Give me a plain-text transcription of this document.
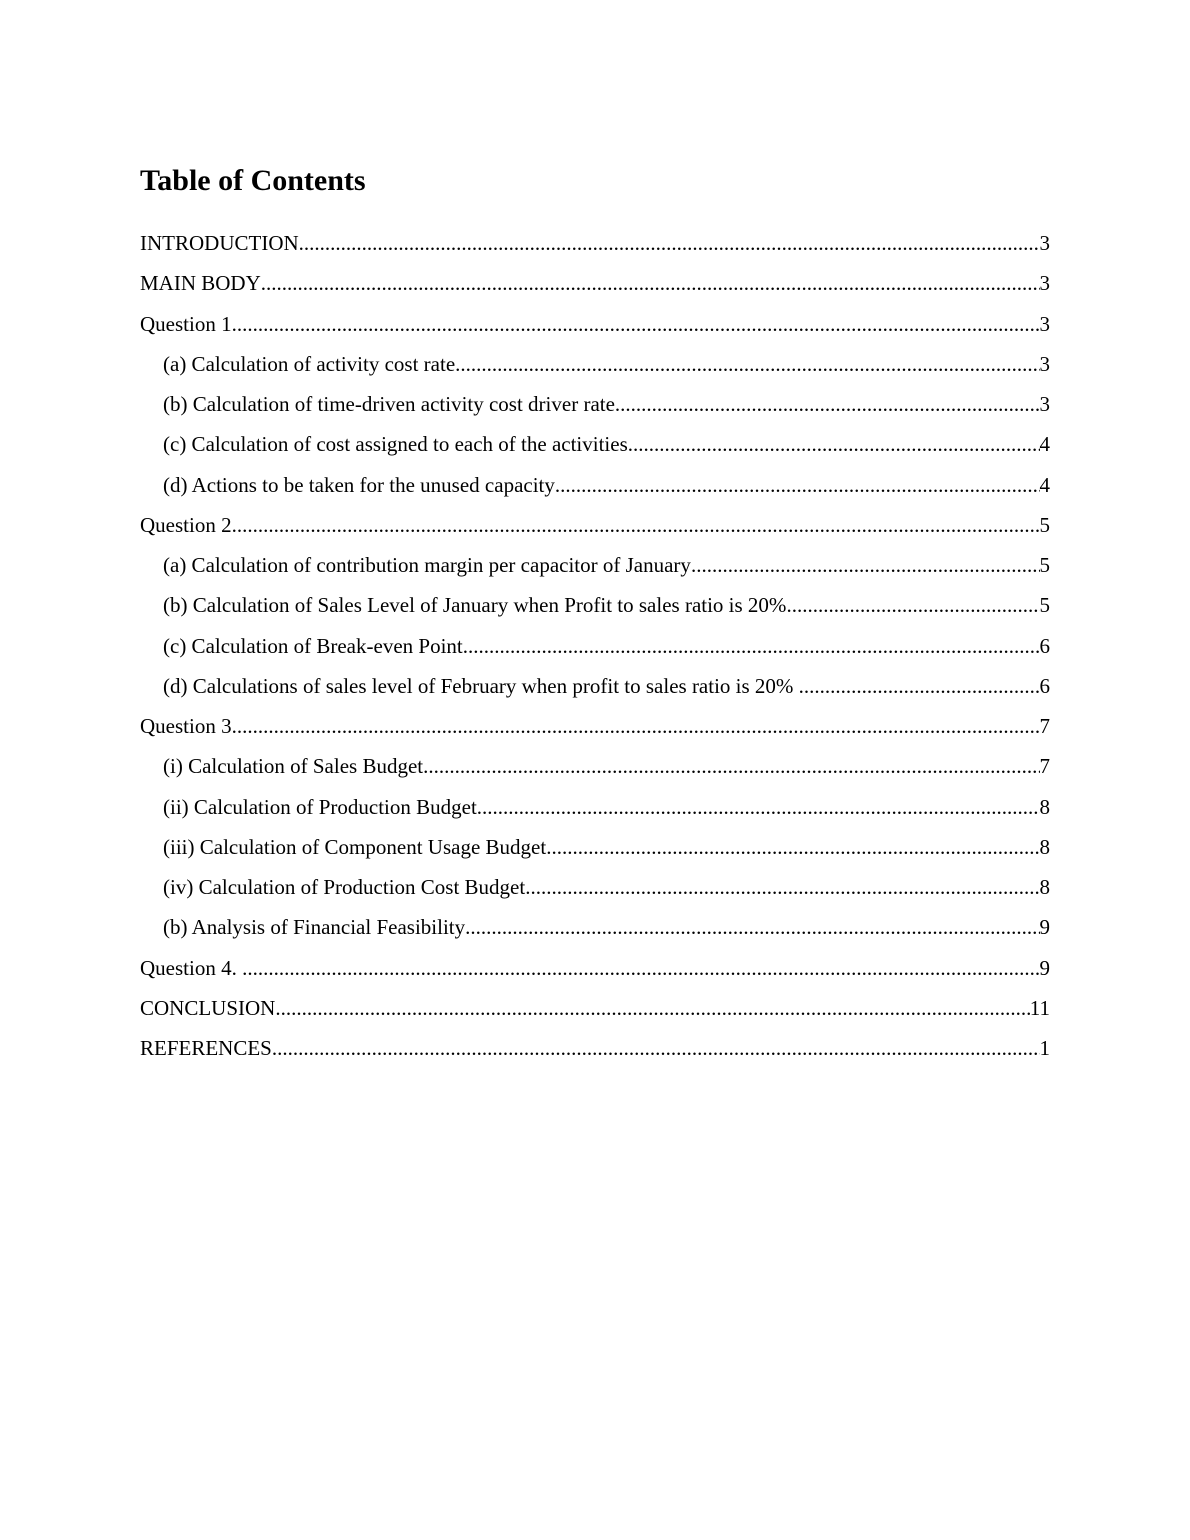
Table of Contents
INTRODUCTION .....	3
MAIN BODY .....	3
Question 1 .....	3
(a) Calculation of activity cost rate .....	3
(b) Calculation of time-driven activity cost driver rate .....	3
(c) Calculation of cost assigned to each of the activities .....	4
(d) Actions to be taken for the unused capacity .....	4
Question 2 .....	5
(a) Calculation of contribution margin per capacitor of January .....	5
(b) Calculation of Sales Level of January when Profit to sales ratio is 20% .....	5
(c) Calculation of Break-even Point .....	6
(d) Calculations of sales level of February when profit to sales ratio is 20% .....	6
Question 3 .....	7
(i) Calculation of Sales Budget .....	7
(ii) Calculation of Production Budget .....	8
(iii) Calculation of Component Usage Budget .....	8
(iv) Calculation of Production Cost Budget .....	8
(b) Analysis of Financial Feasibility .....	9
Question 4. .....	9
CONCLUSION .....	11
REFERENCES .....	1
